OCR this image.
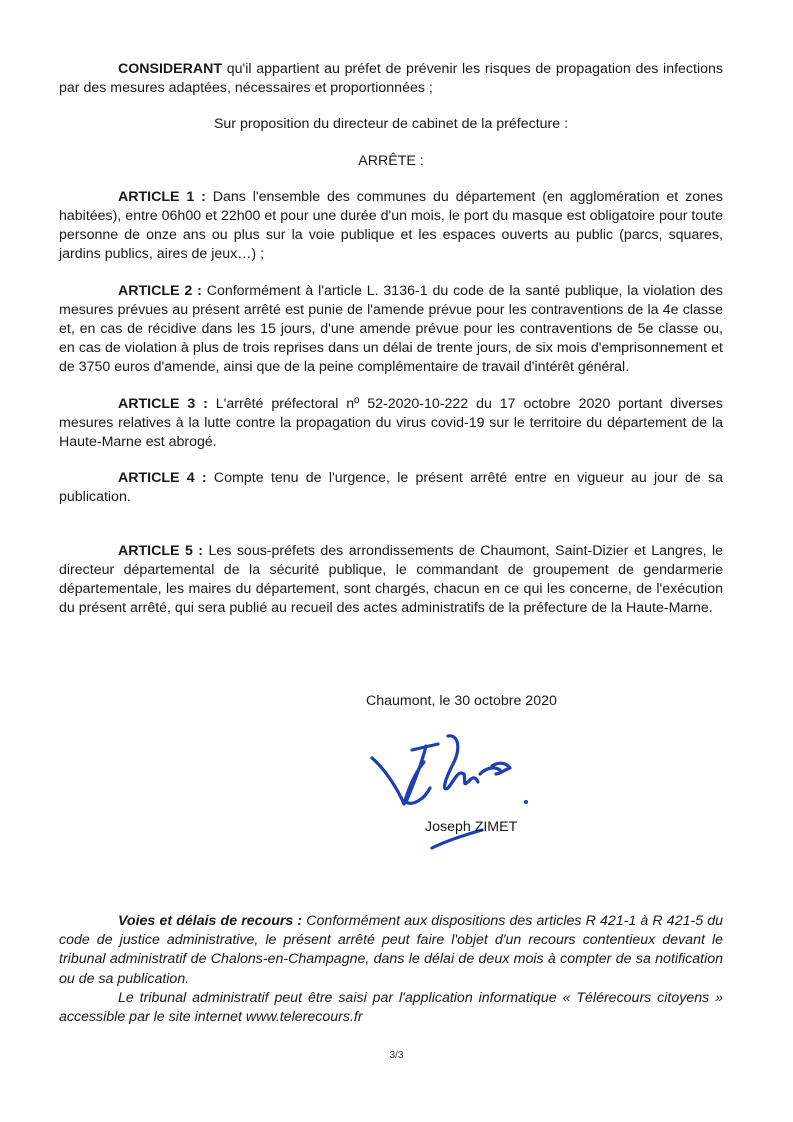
CONSIDERANT qu'il appartient au préfet de prévenir les risques de propagation des infections par des mesures adaptées, nécessaires et proportionnées ;

Sur proposition du directeur de cabinet de la préfecture :

ARRÊTE :

ARTICLE 1 : Dans l'ensemble des communes du département (en agglomération et zones habitées), entre 06h00 et 22h00 et pour une durée d'un mois, le port du masque est obligatoire pour toute personne de onze ans ou plus sur la voie publique et les espaces ouverts au public (parcs, squares, jardins publics, aires de jeux…) ;

ARTICLE 2 : Conformément à l'article L. 3136-1 du code de la santé publique, la violation des mesures prévues au présent arrêté est punie de l'amende prévue pour les contraventions de la 4e classe et, en cas de récidive dans les 15 jours, d'une amende prévue pour les contraventions de 5e classe ou, en cas de violation à plus de trois reprises dans un délai de trente jours, de six mois d'emprisonnement et de 3750 euros d'amende, ainsi que de la peine complémentaire de travail d'intérêt général.

ARTICLE 3 : L'arrêté préfectoral nº 52-2020-10-222 du 17 octobre 2020 portant diverses mesures relatives à la lutte contre la propagation du virus covid-19 sur le territoire du département de la Haute-Marne est abrogé.

ARTICLE 4 : Compte tenu de l'urgence, le présent arrêté entre en vigueur au jour de sa publication.

ARTICLE 5 : Les sous-préfets des arrondissements de Chaumont, Saint-Dizier et Langres, le directeur départemental de la sécurité publique, le commandant de groupement de gendarmerie départementale, les maires du département, sont chargés, chacun en ce qui les concerne, de l'exécution du présent arrêté, qui sera publié au recueil des actes administratifs de la préfecture de la Haute-Marne.

Chaumont, le 30 octobre 2020
Joseph ZIMET

Voies et délais de recours : Conformément aux dispositions des articles R 421-1 à R 421-5 du code de justice administrative, le présent arrêté peut faire l'objet d'un recours contentieux devant le tribunal administratif de Chalons-en-Champagne, dans le délai de deux mois à compter de sa notification ou de sa publication.

Le tribunal administratif peut être saisi par l'application informatique « Télérecours citoyens » accessible par le site internet www.telerecours.fr

3/3
